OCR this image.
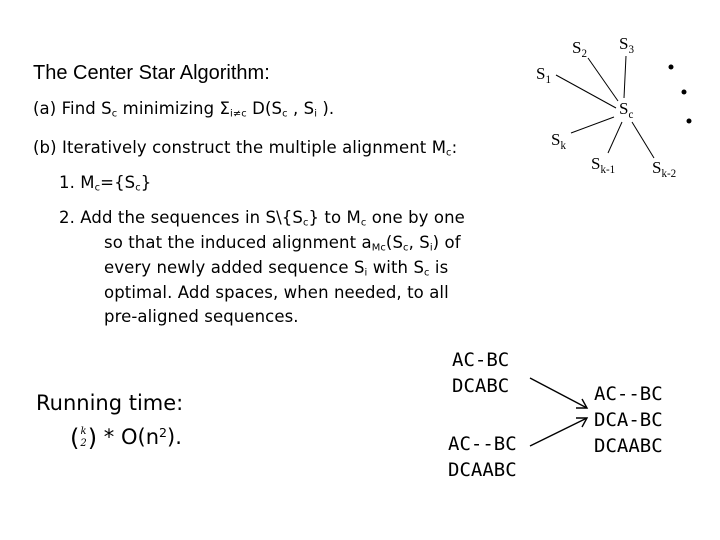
The Center Star Algorithm:
(a) Find $S_c$ minimizing $\Sigma_{i\ne c}$ $D(S_c$ , $S_i$ ).
(b) Iteratively construct the multiple alignment $M_c$:
1. $M_c=\{S_c\}$
2. Add the sequences in $S\backslash\{S_c\}$ to $M_c$ one by one
so that the induced alignment $a_{Mc}(S_c$, $S_i$) of
every newly added sequence $S_i$ with $S_c$ is
optimal. Add spaces, when needed, to all
pre-aligned sequences.
Running time:
( k
2 ) * $O(n^2)$.
AC-BC
DCABC
AC--BC
DCAABC
AC--BC
DCA-BC
DCAABC
$S_2$
$S_3$
$S_1$
$S_c$
$S_k$
$S_{k-1}$ $S_{k-2}$
